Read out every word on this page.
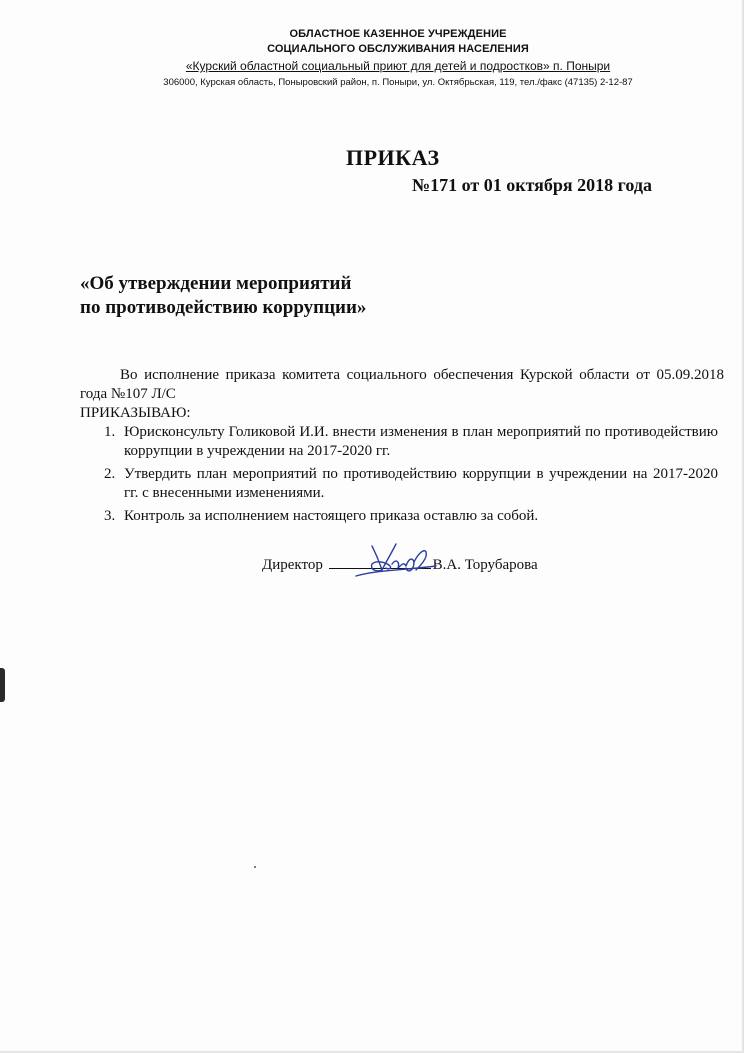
ОБЛАСТНОЕ КАЗЕННОЕ УЧРЕЖДЕНИЕ
СОЦИАЛЬНОГО ОБСЛУЖИВАНИЯ НАСЕЛЕНИЯ
«Курский областной социальный приют для детей и подростков» п. Поныри
306000, Курская область, Поныровский район, п. Поныри, ул. Октябрьская, 119, тел./факс (47135) 2-12-87
ПРИКАЗ
№171 от 01 октября 2018 года
«Об утверждении мероприятий
по противодействию коррупции»

Во исполнение приказа комитета социального обеспечения Курской области от 05.09.2018 года №107 Л/С

ПРИКАЗЫВАЮ:

1. Юрисконсульту Голиковой И.И. внести изменения в план мероприятий по противодействию коррупции в учреждении на 2017-2020 гг.
2. Утвердить план мероприятий по противодействию коррупции в учреждении на 2017-2020 гг. с внесенными изменениями.
3. Контроль за исполнением настоящего приказа оставлю за собой.
Директор	В.А. Торубарова
